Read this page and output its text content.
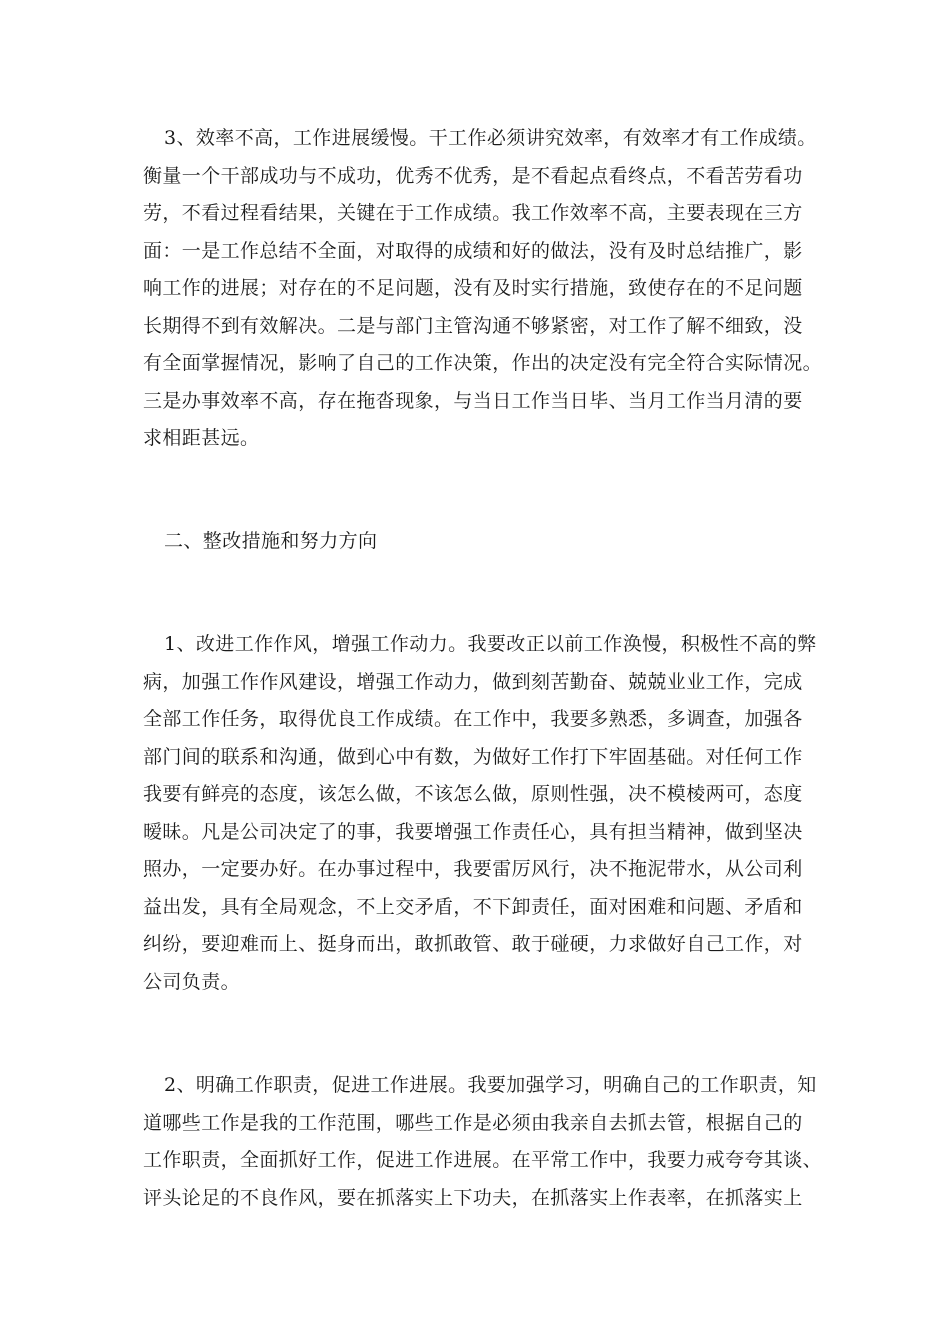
3、效率不高，工作进展缓慢。干工作必须讲究效率，有效率才有工作成绩。
衡量一个干部成功与不成功，优秀不优秀，是不看起点看终点，不看苦劳看功
劳，不看过程看结果，关键在于工作成绩。我工作效率不高，主要表现在三方
面：一是工作总结不全面，对取得的成绩和好的做法，没有及时总结推广，影
响工作的进展；对存在的不足问题，没有及时实行措施，致使存在的不足问题
长期得不到有效解决。二是与部门主管沟通不够紧密，对工作了解不细致，没
有全面掌握情况，影响了自己的工作决策，作出的决定没有完全符合实际情况。
三是办事效率不高，存在拖沓现象，与当日工作当日毕、当月工作当月清的要
求相距甚远。
二、整改措施和努力方向
1、改进工作作风，增强工作动力。我要改正以前工作涣慢，积极性不高的弊
病，加强工作作风建设，增强工作动力，做到刻苦勤奋、兢兢业业工作，完成
全部工作任务，取得优良工作成绩。在工作中，我要多熟悉，多调查，加强各
部门间的联系和沟通，做到心中有数，为做好工作打下牢固基础。对任何工作
我要有鲜亮的态度，该怎么做，不该怎么做，原则性强，决不模棱两可，态度
暧昧。凡是公司决定了的事，我要增强工作责任心，具有担当精神，做到坚决
照办，一定要办好。在办事过程中，我要雷厉风行，决不拖泥带水，从公司利
益出发，具有全局观念，不上交矛盾，不下卸责任，面对困难和问题、矛盾和
纠纷，要迎难而上、挺身而出，敢抓敢管、敢于碰硬，力求做好自己工作，对
公司负责。
2、明确工作职责，促进工作进展。我要加强学习，明确自己的工作职责，知
道哪些工作是我的工作范围，哪些工作是必须由我亲自去抓去管，根据自己的
工作职责，全面抓好工作，促进工作进展。在平常工作中，我要力戒夸夸其谈、
评头论足的不良作风，要在抓落实上下功夫，在抓落实上作表率，在抓落实上
